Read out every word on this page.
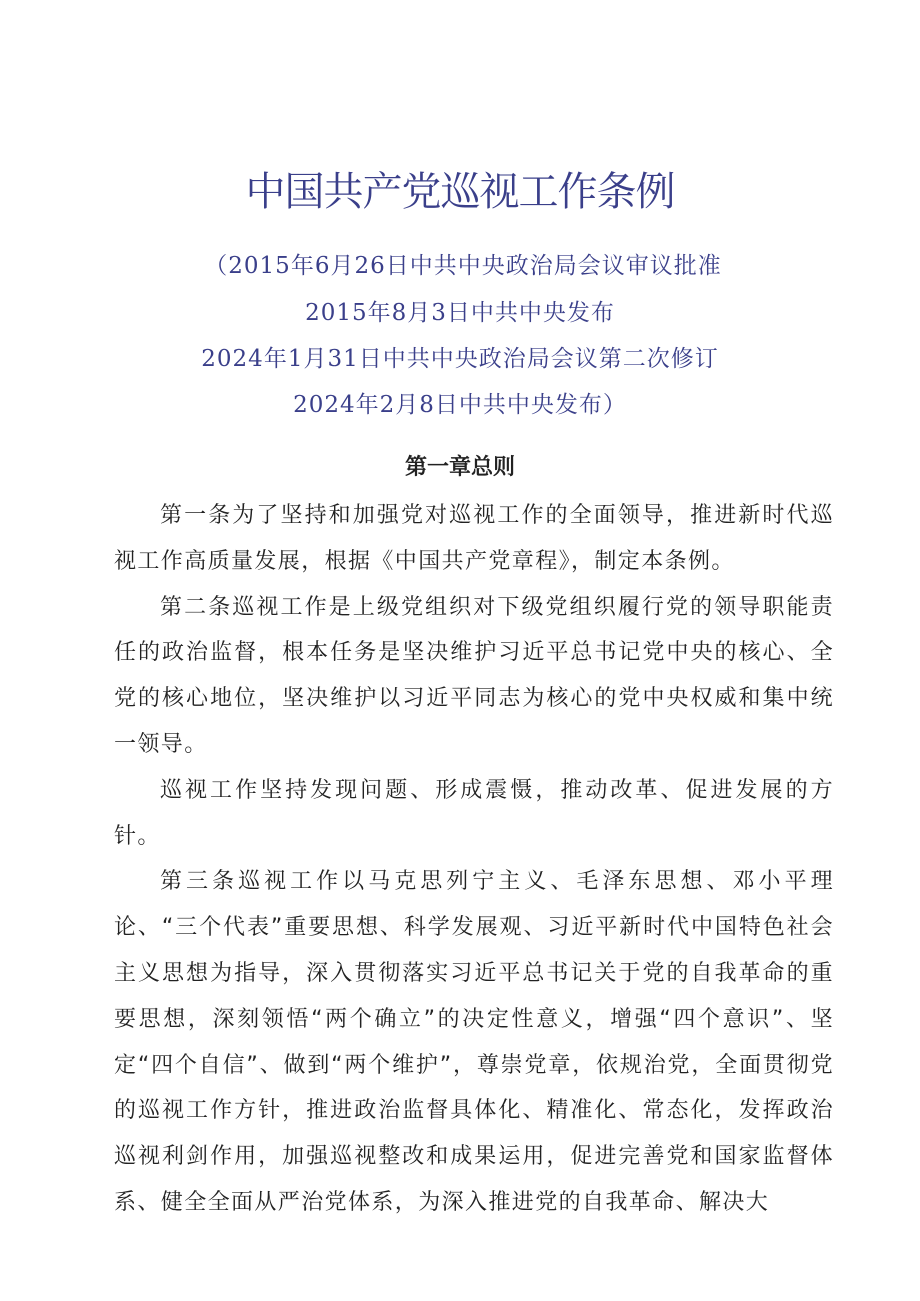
中国共产党巡视工作条例

（2015年6月26日中共中央政治局会议审议批准

2015年8月3日中共中央发布

2024年1月31日中共中央政治局会议第二次修订

2024年2月8日中共中央发布）

第一章总则

第一条为了坚持和加强党对巡视工作的全面领导，推进新时代巡视工作高质量发展，根据《中国共产党章程》，制定本条例。

第二条巡视工作是上级党组织对下级党组织履行党的领导职能责任的政治监督，根本任务是坚决维护习近平总书记党中央的核心、全党的核心地位，坚决维护以习近平同志为核心的党中央权威和集中统一领导。

巡视工作坚持发现问题、形成震慑，推动改革、促进发展的方针。

第三条巡视工作以马克思列宁主义、毛泽东思想、邓小平理论、“三个代表”重要思想、科学发展观、习近平新时代中国特色社会主义思想为指导，深入贯彻落实习近平总书记关于党的自我革命的重要思想，深刻领悟“两个确立”的决定性意义，增强“四个意识”、坚定“四个自信”、做到“两个维护”，尊崇党章，依规治党，全面贯彻党的巡视工作方针，推进政治监督具体化、精准化、常态化，发挥政治巡视利剑作用，加强巡视整改和成果运用，促进完善党和国家监督体系、健全全面从严治党体系，为深入推进党的自我革命、解决大
